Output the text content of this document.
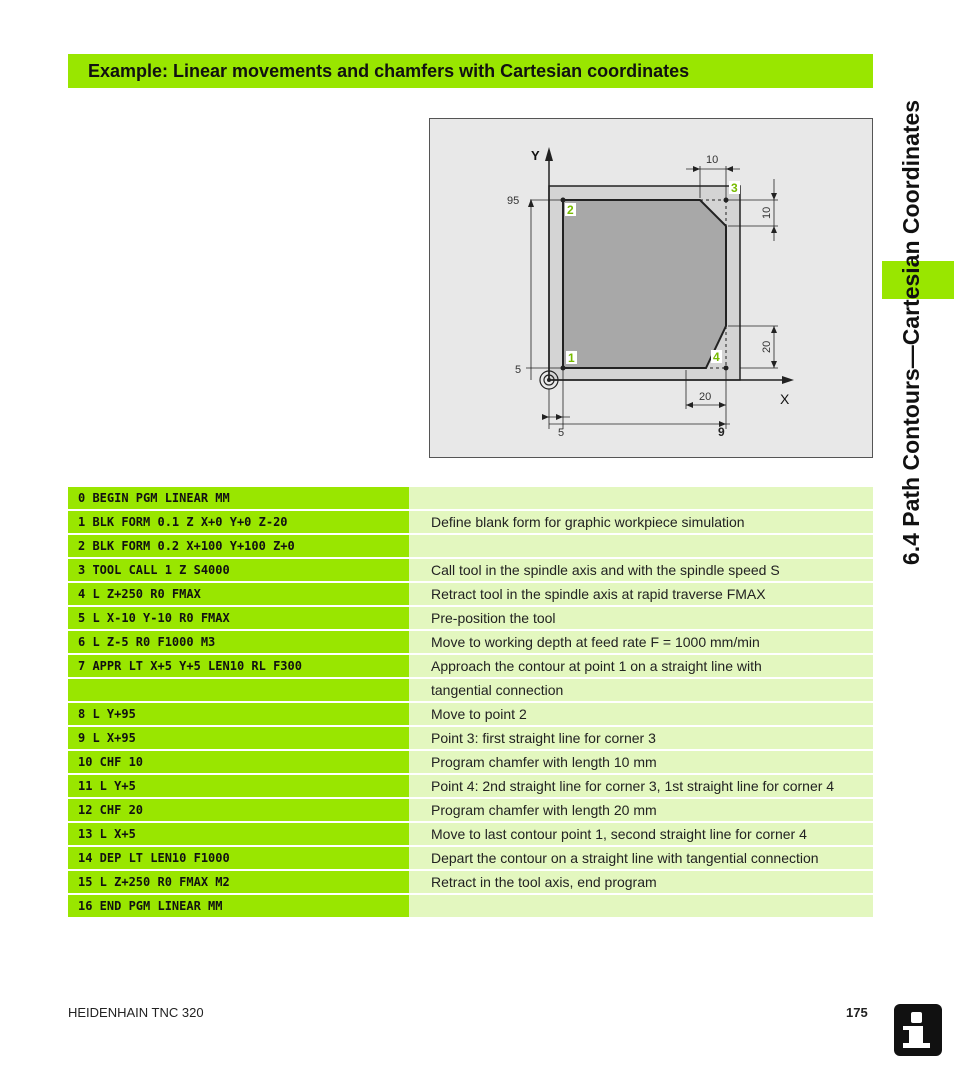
Example: Linear movements and chamfers with Cartesian coordinates
6.4 Path Contours—Cartesian Coordinates
Y
X
2
3
4
1
95
5
10
10
20
20
5	9
0 BEGIN PGM LINEAR MM
1 BLK FORM 0.1 Z X+0 Y+0 Z-20	Define blank form for graphic workpiece simulation
2 BLK FORM 0.2 X+100 Y+100 Z+0
3 TOOL CALL 1 Z S4000	Call tool in the spindle axis and with the spindle speed S
4 L Z+250 R0 FMAX	Retract tool in the spindle axis at rapid traverse FMAX
5 L X-10 Y-10 R0 FMAX	Pre-position the tool
6 L Z-5 R0 F1000 M3	Move to working depth at feed rate F = 1000 mm/min
7 APPR LT X+5 Y+5 LEN10 RL F300	Approach the contour at point 1 on a straight line with
tangential connection
8 L Y+95	Move to point 2
9 L X+95	Point 3: first straight line for corner 3
10 CHF 10	Program chamfer with length 10 mm
11 L Y+5	Point 4: 2nd straight line for corner 3, 1st straight line for corner 4
12 CHF 20	Program chamfer with length 20 mm
13 L X+5	Move to last contour point 1, second straight line for corner 4
14 DEP LT LEN10 F1000	Depart the contour on a straight line with tangential connection
15 L Z+250 R0 FMAX M2	Retract in the tool axis, end program
16 END PGM LINEAR MM
HEIDENHAIN TNC 320	175
